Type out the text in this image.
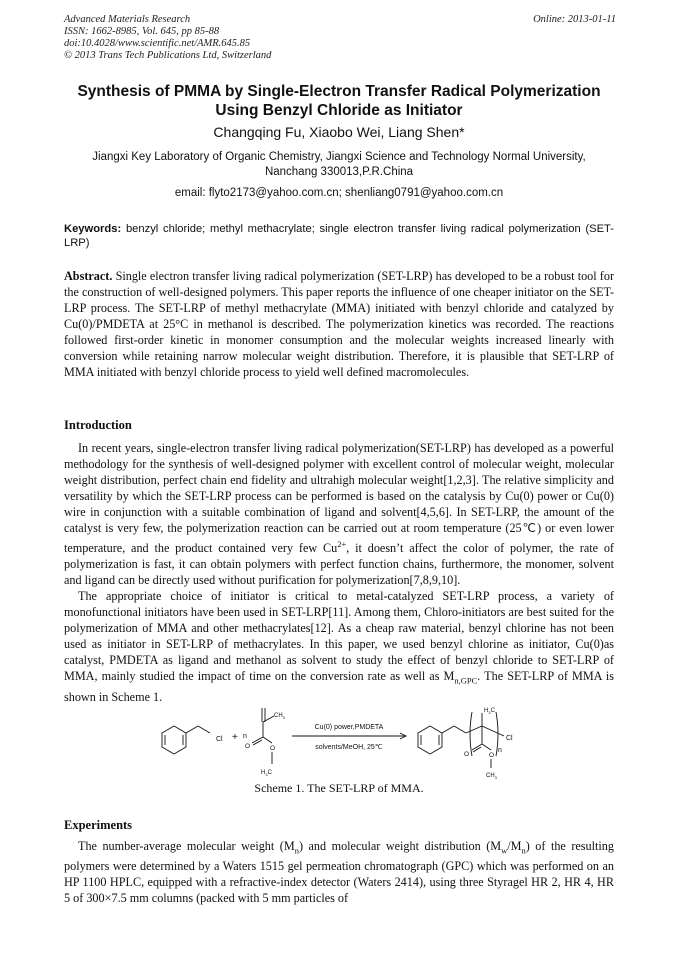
Advanced Materials Research
ISSN: 1662-8985, Vol. 645, pp 85-88
doi:10.4028/www.scientific.net/AMR.645.85
© 2013 Trans Tech Publications Ltd, Switzerland
Online: 2013-01-11
Synthesis of PMMA by Single-Electron Transfer Radical Polymerization
Using Benzyl Chloride as Initiator
Changqing Fu, Xiaobo Wei, Liang Shen*
Jiangxi Key Laboratory of Organic Chemistry, Jiangxi Science and Technology Normal University,
Nanchang 330013,P.R.China
email: flyto2173@yahoo.com.cn; shenliang0791@yahoo.com.cn

Keywords: benzyl chloride; methyl methacrylate; single electron transfer living radical polymerization (SET-LRP)

Abstract. Single electron transfer living radical polymerization (SET-LRP) has developed to be a robust tool for the construction of well-designed polymers. This paper reports the influence of one cheaper initiator on the SET-LRP process. The SET-LRP of methyl methacrylate (MMA) initiated with benzyl chloride and catalyzed by Cu(0)/PMDETA at 25°C in methanol is described. The polymerization kinetics was recorded. The reactions followed first-order kinetic in monomer consumption and the molecular weights increased linearly with conversion while retaining narrow molecular weight distribution. Therefore, it is plausible that SET-LRP of MMA initiated with benzyl chloride process to yield well defined macromolecules.

Introduction

In recent years, single-electron transfer living radical polymerization(SET-LRP) has developed as a powerful methodology for the synthesis of well-designed polymer with excellent control of molecular weight, molecular weight distribution, perfect chain end fidelity and ultrahigh molecular weight[1,2,3]. The relative simplicity and versatility by which the SET-LRP process can be performed is based on the catalysis by Cu(0) power or Cu(0) wire in conjunction with a suitable combination of ligand and solvent[4,5,6]. In SET-LRP, the amount of the catalyst is very few, the polymerization reaction can be carried out at room temperature (25℃) or even lower temperature, and the product contained very few $Cu^{2+}$, it doesn’t affect the color of polymer, the rate of polymerization is fast, it can obtain polymers with perfect function chains, furthermore, the monomer, solvent and ligand can be directly used without purification for polymerization[7,8,9,10].

The appropriate choice of initiator is critical to metal-catalyzed SET-LRP process, a variety of monofunctional initiators have been used in SET-LRP[11]. Among them, Chloro-initiators are best suited for the polymerization of MMA and other methacrylates[12]. As a cheap raw material, benzyl chlorine has not been used as initiator in SET-LRP of methacrylates. In this paper, we used benzyl chlorine as initiator, Cu(0)as catalyst, PMDETA as ligand and methanol as solvent to study the effect of benzyl chloride to SET-LRP of MMA, mainly studied the impact of time on the conversion rate as well as $M_{n,GPC}$. The SET-LRP of MMA is shown in Scheme 1.

Cl + n
$CH_3$
O	O
$H_3C$
Cu(0) power,PMDETA
solvents/MeOH, 25℃
$H_3C$
n
Cl
O	O
$CH_3$
Scheme 1. The SET-LRP of MMA.
Experiments

The number-average molecular weight $(M_n)$ and molecular weight distribution $(M_w/M_n)$ of the resulting polymers were determined by a Waters 1515 gel permeation chromatograph (GPC) which was performed on an HP 1100 HPLC, equipped with a refractive-index detector (Waters 2414), using three Styragel HR 2, HR 4, HR 5 of 300×7.5 mm columns (packed with 5 mm particles of
